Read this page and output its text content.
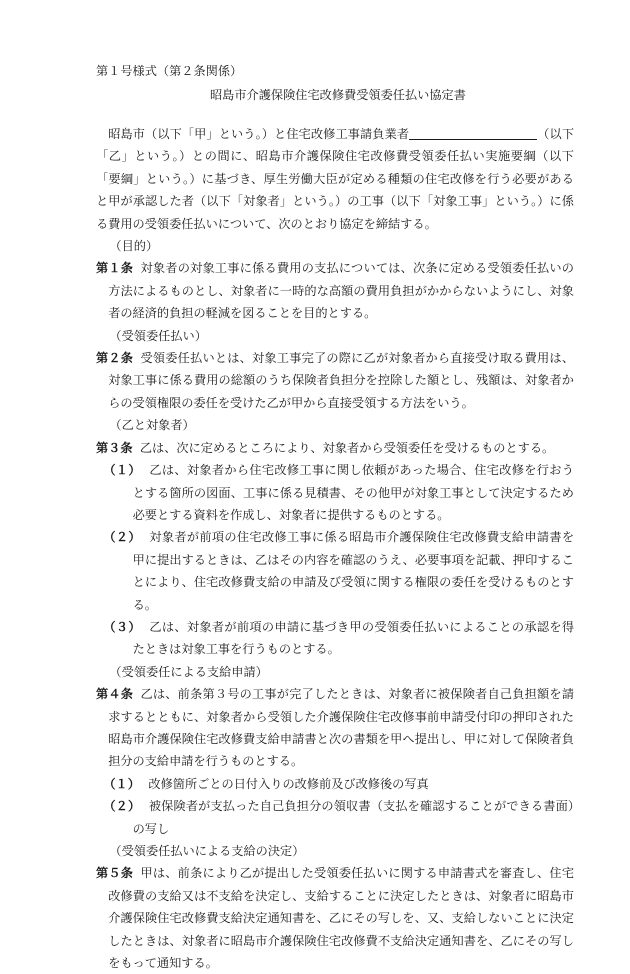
第１号様式（第２条関係）
昭島市介護保険住宅改修費受領委任払い協定書

昭島市（以下「甲」という。）と住宅改修工事請負業者	（以下「乙」という。）との間に、昭島市介護保険住宅改修費受領委任払い実施要綱（以下「要綱」という。）に基づき、厚生労働大臣が定める種類の住宅改修を行う必要があると甲が承認した者（以下「対象者」という。）の工事（以下「対象工事」という。）に係る費用の受領委任払いについて、次のとおり協定を締結する。

（目的）

第１条 対象者の対象工事に係る費用の支払については、次条に定める受領委任払いの方法によるものとし、対象者に一時的な高額の費用負担がかからないようにし、対象者の経済的負担の軽減を図ることを目的とする。

（受領委任払い）

第２条 受領委任払いとは、対象工事完了の際に乙が対象者から直接受け取る費用は、対象工事に係る費用の総額のうち保険者負担分を控除した額とし、残額は、対象者からの受領権限の委任を受けた乙が甲から直接受領する方法をいう。

（乙と対象者）

第３条 乙は、次に定めるところにより、対象者から受領委任を受けるものとする。

（１） 乙は、対象者から住宅改修工事に関し依頼があった場合、住宅改修を行おうとする箇所の図面、工事に係る見積書、その他甲が対象工事として決定するため必要とする資料を作成し、対象者に提供するものとする。

（２） 対象者が前項の住宅改修工事に係る昭島市介護保険住宅改修費支給申請書を甲に提出するときは、乙はその内容を確認のうえ、必要事項を記載、押印することにより、住宅改修費支給の申請及び受領に関する権限の委任を受けるものとする。

（３） 乙は、対象者が前項の申請に基づき甲の受領委任払いによることの承認を得たときは対象工事を行うものとする。

（受領委任による支給申請）

第４条 乙は、前条第３号の工事が完了したときは、対象者に被保険者自己負担額を請求するとともに、対象者から受領した介護保険住宅改修事前申請受付印の押印された昭島市介護保険住宅改修費支給申請書と次の書類を甲へ提出し、甲に対して保険者負担分の支給申請を行うものとする。

（１） 改修箇所ごとの日付入りの改修前及び改修後の写真

（２） 被保険者が支払った自己負担分の領収書（支払を確認することができる書面）の写し

（受領委任払いによる支給の決定）

第５条 甲は、前条により乙が提出した受領委任払いに関する申請書式を審査し、住宅改修費の支給又は不支給を決定し、支給することに決定したときは、対象者に昭島市介護保険住宅改修費支給決定通知書を、乙にその写しを、又、支給しないことに決定したときは、対象者に昭島市介護保険住宅改修費不支給決定通知書を、乙にその写しをもって通知する。
